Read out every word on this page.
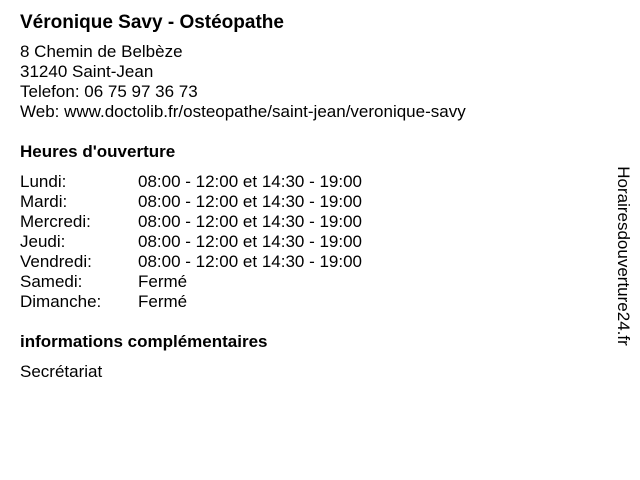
Véronique Savy - Ostéopathe
8 Chemin de Belbèze
31240 Saint-Jean
Telefon: 06 75 97 36 73
Web: www.doctolib.fr/osteopathe/saint-jean/veronique-savy
Heures d'ouverture
Lundi:	08:00 - 12:00 et 14:30 - 19:00
Mardi:	08:00 - 12:00 et 14:30 - 19:00
Mercredi:	08:00 - 12:00 et 14:30 - 19:00
Jeudi:	08:00 - 12:00 et 14:30 - 19:00
Vendredi:	08:00 - 12:00 et 14:30 - 19:00
Samedi:	Fermé
Dimanche:	Fermé
informations complémentaires
Secrétariat
Horairesdouverture24.fr
